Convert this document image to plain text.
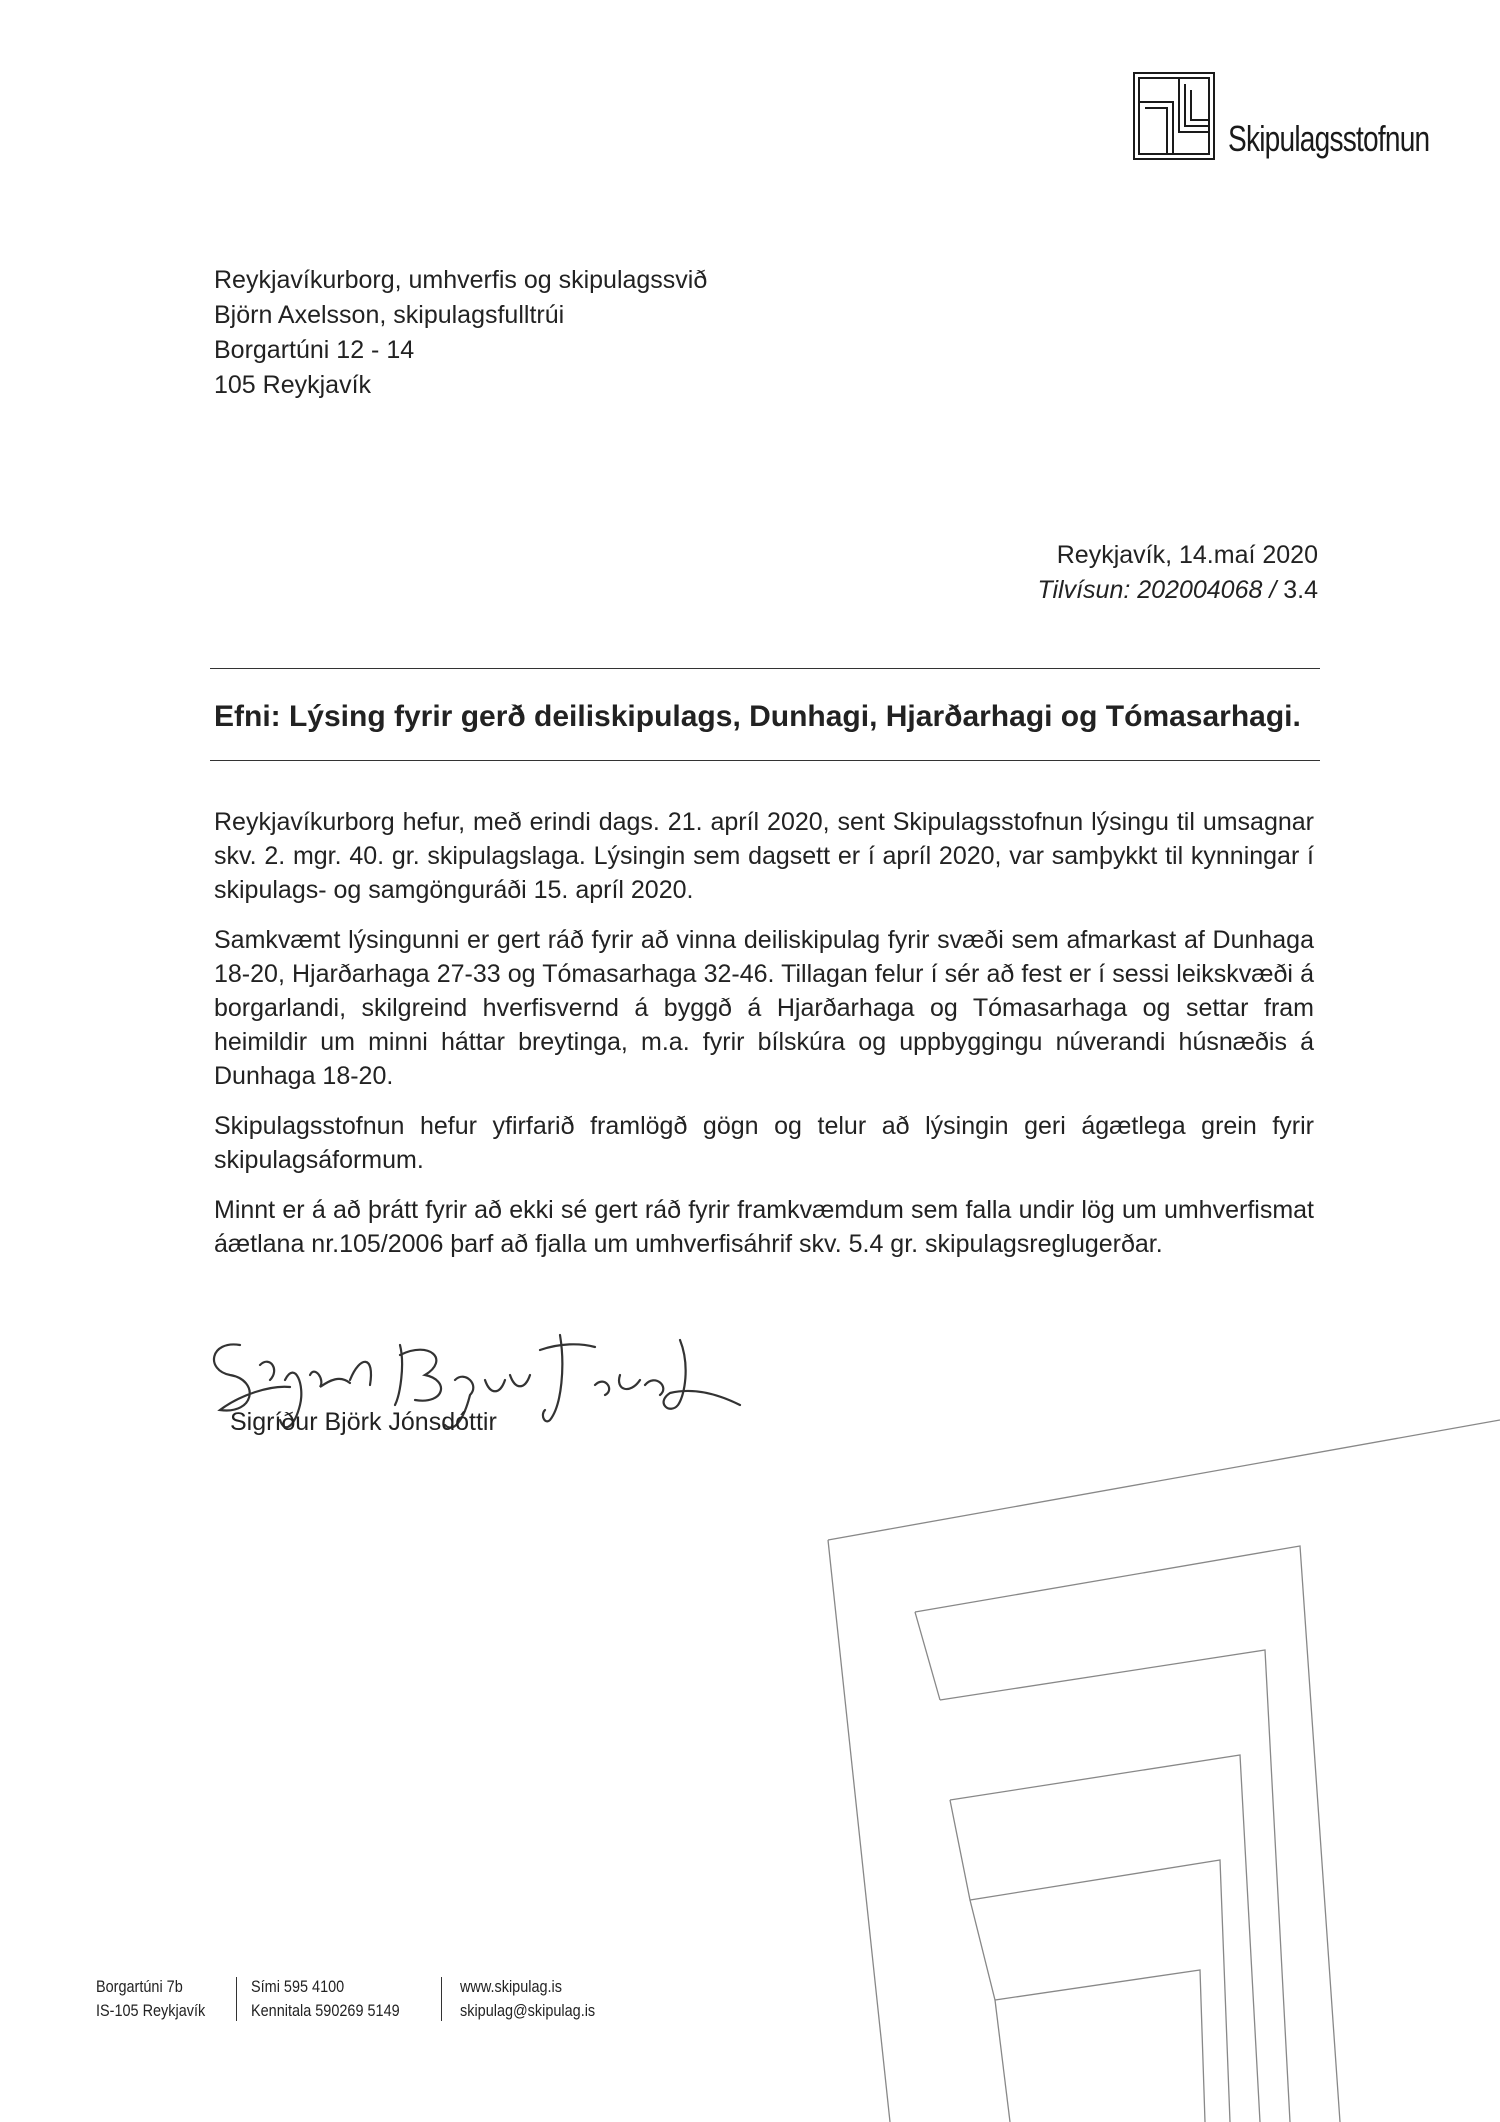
Skipulagsstofnun
Reykjavíkurborg, umhverfis og skipulagssvið
Björn Axelsson, skipulagsfulltrúi
Borgartúni 12 - 14
105 Reykjavík
Reykjavík, 14.maí 2020
Tilvísun: 202004068 / 3.4
Efni: Lýsing fyrir gerð deiliskipulags, Dunhagi, Hjarðarhagi og Tómasarhagi.

Reykjavíkurborg hefur, með erindi dags. 21. apríl 2020, sent Skipulagsstofnun lýsingu til umsagnar skv. 2. mgr. 40. gr. skipulagslaga. Lýsingin sem dagsett er í apríl 2020, var samþykkt til kynningar í skipulags- og samgönguráði 15. apríl 2020.

Samkvæmt lýsingunni er gert ráð fyrir að vinna deiliskipulag fyrir svæði sem afmarkast af Dunhaga 18-20, Hjarðarhaga 27-33 og Tómasarhaga 32-46. Tillagan felur í sér að fest er í sessi leikskvæði á borgarlandi, skilgreind hverfisvernd á byggð á Hjarðarhaga og Tómasarhaga og settar fram heimildir um minni háttar breytinga, m.a. fyrir bílskúra og uppbyggingu núverandi húsnæðis á Dunhaga 18-20.

Skipulagsstofnun hefur yfirfarið framlögð gögn og telur að lýsingin geri ágætlega grein fyrir skipulagsáformum.

Minnt er á að þrátt fyrir að ekki sé gert ráð fyrir framkvæmdum sem falla undir lög um umhverfismat áætlana nr.105/2006 þarf að fjalla um umhverfisáhrif skv. 5.4 gr. skipulagsreglugerðar.

Sigríður Björk Jónsdóttir
Borgartúni 7b
IS-105 Reykjavík
Sími 595 4100
Kennitala 590269 5149
www.skipulag.is
skipulag@skipulag.is
